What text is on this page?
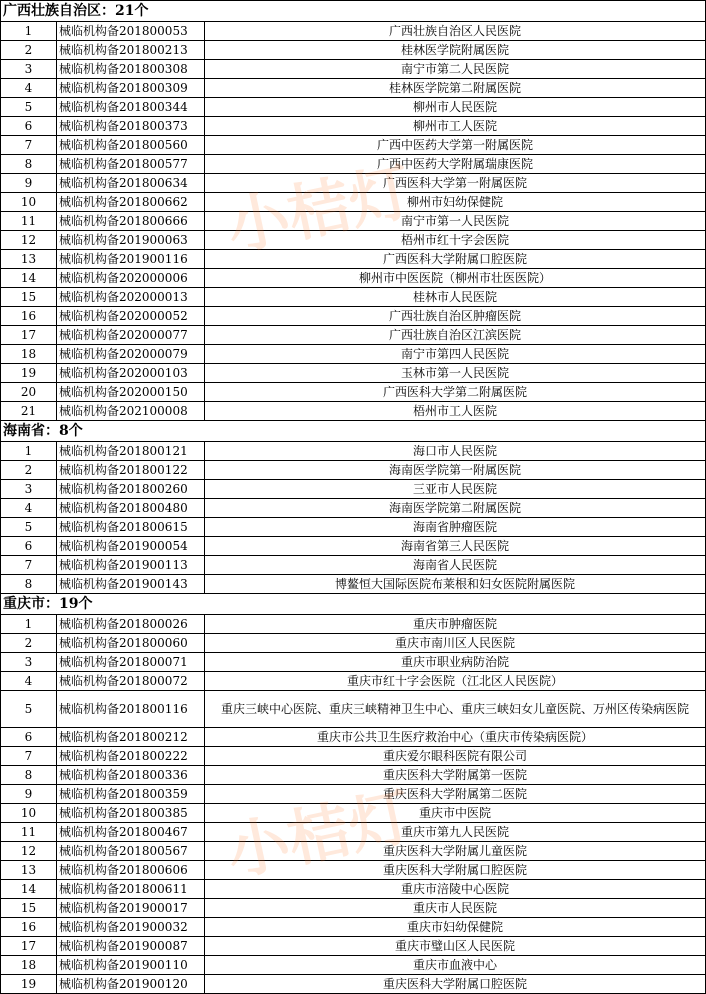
广西壮族自治区：21个		
1	械临机构备201800053	广西壮族自治区人民医院
2	械临机构备201800213	桂林医学院附属医院
3	械临机构备201800308	南宁市第二人民医院
4	械临机构备201800309	桂林医学院第二附属医院
5	械临机构备201800344	柳州市人民医院
6	械临机构备201800373	柳州市工人医院
7	械临机构备201800560	广西中医药大学第一附属医院
8	械临机构备201800577	广西中医药大学附属瑞康医院
9	械临机构备201800634	广西医科大学第一附属医院
10	械临机构备201800662	柳州市妇幼保健院
11	械临机构备201800666	南宁市第一人民医院
12	械临机构备201900063	梧州市红十字会医院
13	械临机构备201900116	广西医科大学附属口腔医院
14	械临机构备202000006	柳州市中医医院（柳州市壮医医院）
15	械临机构备202000013	桂林市人民医院
16	械临机构备202000052	广西壮族自治区肿瘤医院
17	械临机构备202000077	广西壮族自治区江滨医院
18	械临机构备202000079	南宁市第四人民医院
19	械临机构备202000103	玉林市第一人民医院
20	械临机构备202000150	广西医科大学第二附属医院
21	械临机构备202100008	梧州市工人医院
海南省：8个		
1	械临机构备201800121	海口市人民医院
2	械临机构备201800122	海南医学院第一附属医院
3	械临机构备201800260	三亚市人民医院
4	械临机构备201800480	海南医学院第二附属医院
5	械临机构备201800615	海南省肿瘤医院
6	械临机构备201900054	海南省第三人民医院
7	械临机构备201900113	海南省人民医院
8	械临机构备201900143	博鳌恒大国际医院布莱根和妇女医院附属医院
重庆市：19个		
1	械临机构备201800026	重庆市肿瘤医院
2	械临机构备201800060	重庆市南川区人民医院
3	械临机构备201800071	重庆市职业病防治院
4	械临机构备201800072	重庆市红十字会医院（江北区人民医院）
5	械临机构备201800116	重庆三峡中心医院、重庆三峡精神卫生中心、重庆三峡妇女儿童医院、万州区传染病医院
6	械临机构备201800212	重庆市公共卫生医疗救治中心（重庆市传染病医院）
7	械临机构备201800222	重庆爱尔眼科医院有限公司
8	械临机构备201800336	重庆医科大学附属第一医院
9	械临机构备201800359	重庆医科大学附属第二医院
10	械临机构备201800385	重庆市中医院
11	械临机构备201800467	重庆市第九人民医院
12	械临机构备201800567	重庆医科大学附属儿童医院
13	械临机构备201800606	重庆医科大学附属口腔医院
14	械临机构备201800611	重庆市涪陵中心医院
15	械临机构备201900017	重庆市人民医院
16	械临机构备201900032	重庆市妇幼保健院
17	械临机构备201900087	重庆市璧山区人民医院
18	械临机构备201900110	重庆市血液中心
19	械临机构备201900120	重庆医科大学附属口腔医院
小桔灯
小桔灯
